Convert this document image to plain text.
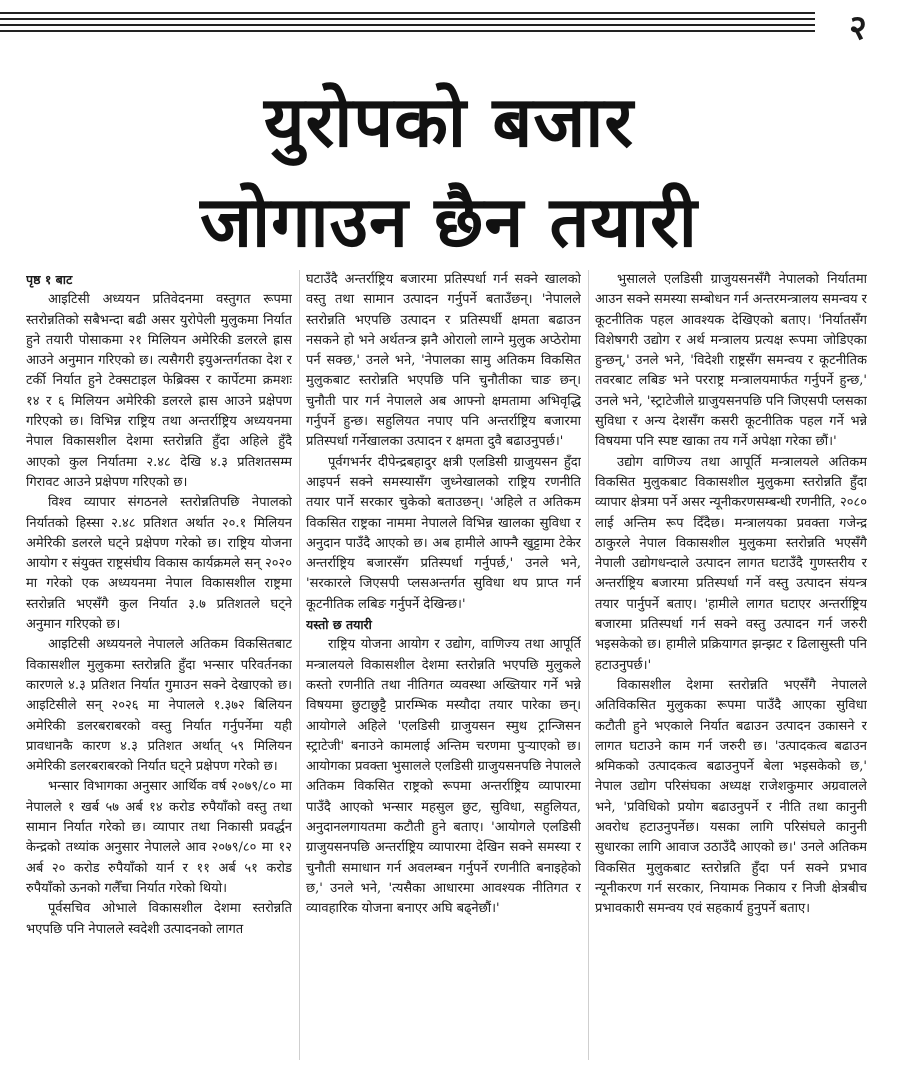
२
युरोपको बजार
जोगाउन छैन तयारी

पृष्ठ १ बाट

आइटिसी अध्ययन प्रतिवेदनमा वस्तुगत रूपमा स्तरोन्नतिको सबैभन्दा बढी असर युरोपेली मुलुकमा निर्यात हुने तयारी पोसाकमा २१ मिलियन अमेरिकी डलरले ह्रास आउने अनुमान गरिएको छ। त्यसैगरी इयुअन्तर्गतका देश र टर्की निर्यात हुने टेक्सटाइल फेब्रिक्स र कार्पेटमा क्रमशः १४ र ६ मिलियन अमेरिकी डलरले ह्रास आउने प्रक्षेपण गरिएको छ। विभिन्न राष्ट्रिय तथा अन्तर्राष्ट्रिय अध्ययनमा नेपाल विकासशील देशमा स्तरोन्नति हुँदा अहिले हुँदै आएको कुल निर्यातमा २.४८ देखि ४.३ प्रतिशतसम्म गिरावट आउने प्रक्षेपण गरिएको छ।

विश्व व्यापार संगठनले स्तरोन्नतिपछि नेपालको निर्यातको हिस्सा २.४८ प्रतिशत अर्थात २०.१ मिलियन अमेरिकी डलरले घट्ने प्रक्षेपण गरेको छ। राष्ट्रिय योजना आयोग र संयुक्त राष्ट्रसंघीय विकास कार्यक्रमले सन् २०२० मा गरेको एक अध्ययनमा नेपाल विकासशील राष्ट्रमा स्तरोन्नति भएसँगै कुल निर्यात ३.७ प्रतिशतले घट्ने अनुमान गरिएको छ।

आइटिसी अध्ययनले नेपालले अतिकम विकसितबाट विकासशील मुलुकमा स्तरोन्नति हुँदा भन्सार परिवर्तनका कारणले ४.३ प्रतिशत निर्यात गुमाउन सक्ने देखाएको छ। आइटिसीले सन् २०२६ मा नेपालले १.३७२ बिलियन अमेरिकी डलरबराबरको वस्तु निर्यात गर्नुपर्नेमा यही प्रावधानकै कारण ४.३ प्रतिशत अर्थात् ५९ मिलियन अमेरिकी डलरबराबरको निर्यात घट्ने प्रक्षेपण गरेको छ।

भन्सार विभागका अनुसार आर्थिक वर्ष २०७९/८० मा नेपालले १ खर्ब ५७ अर्ब १४ करोड रुपैयाँको वस्तु तथा सामान निर्यात गरेको छ। व्यापार तथा निकासी प्रवर्द्धन केन्द्रको तथ्यांक अनुसार नेपालले आव २०७९/८० मा १२ अर्ब २० करोड रुपैयाँको यार्न र ११ अर्ब ५१ करोड रुपैयाँको ऊनको गलैँचा निर्यात गरेको थियो।

पूर्वसचिव ओभाले विकासशील देशमा स्तरोन्नति भएपछि पनि नेपालले स्वदेशी उत्पादनको लागत

घटाउँदै अन्तर्राष्ट्रिय बजारमा प्रतिस्पर्धा गर्न सक्ने खालको वस्तु तथा सामान उत्पादन गर्नुपर्ने बताउँछन्। 'नेपालले स्तरोन्नति भएपछि उत्पादन र प्रतिस्पर्धी क्षमता बढाउन नसकने हो भने अर्थतन्त्र झनै ओरालो लाग्ने मुलुक अप्ठेरोमा पर्न सक्छ,' उनले भने, 'नेपालका सामु अतिकम विकसित मुलुकबाट स्तरोन्नति भएपछि पनि चुनौतीका चाङ छन्। चुनौती पार गर्न नेपालले अब आफ्नो क्षमतामा अभिवृद्धि गर्नुपर्ने हुन्छ। सहुलियत नपाए पनि अन्तर्राष्ट्रिय बजारमा प्रतिस्पर्धा गर्नेखालका उत्पादन र क्षमता दुवै बढाउनुपर्छ।'

पूर्वगभर्नर दीपेन्द्रबहादुर क्षत्री एलडिसी ग्राजुयसन हुँदा आइपर्न सक्ने समस्यासँग जुध्नेखालको राष्ट्रिय रणनीति तयार पार्ने सरकार चुकेको बताउछन्। 'अहिले त अतिकम विकसित राष्ट्रका नाममा नेपालले विभिन्न खालका सुविधा र अनुदान पाउँदै आएको छ। अब हामीले आफ्नै खुट्टामा टेकेर अन्तर्राष्ट्रिय बजारसँग प्रतिस्पर्धा गर्नुपर्छ,' उनले भने, 'सरकारले जिएसपी प्लसअन्तर्गत सुविधा थप प्राप्त गर्न कूटनीतिक लबिङ गर्नुपर्ने देखिन्छ।'

यस्तो छ तयारी

राष्ट्रिय योजना आयोग र उद्योग, वाणिज्य तथा आपूर्ति मन्त्रालयले विकासशील देशमा स्तरोन्नति भएपछि मुलुकले कस्तो रणनीति तथा नीतिगत व्यवस्था अख्तियार गर्ने भन्ने विषयमा छुटाछुट्टै प्रारम्भिक मस्यौदा तयार पारेका छन्। आयोगले अहिले 'एलडिसी ग्राजुयसन स्मुथ ट्रान्जिसन स्ट्राटेजी' बनाउने कामलाई अन्तिम चरणमा पुर्‍याएको छ। आयोगका प्रवक्ता भुसालले एलडिसी ग्राजुयसनपछि नेपालले अतिकम विकसित राष्ट्रको रूपमा अन्तर्राष्ट्रिय व्यापारमा पाउँदै आएको भन्सार महसुल छुट, सुविधा, सहुलियत, अनुदानलगायतमा कटौती हुने बताए। 'आयोगले एलडिसी ग्राजुयसनपछि अन्तर्राष्ट्रिय व्यापारमा देखिन सक्ने समस्या र चुनौती समाधान गर्न अवलम्बन गर्नुपर्ने रणनीति बनाइहेको छ,' उनले भने, 'त्यसैका आधारमा आवश्यक नीतिगत र व्यावहारिक योजना बनाएर अघि बढ्नेछौं।'

भुसालले एलडिसी ग्राजुयसनसँगै नेपालको निर्यातमा आउन सक्ने समस्या सम्बोधन गर्न अन्तरमन्त्रालय समन्वय र कूटनीतिक पहल आवश्यक देखिएको बताए। 'निर्यातसँग विशेषगरी उद्योग र अर्थ मन्त्रालय प्रत्यक्ष रूपमा जोडिएका हुन्छन्,' उनले भने, 'विदेशी राष्ट्रसँग समन्वय र कूटनीतिक तवरबाट लबिङ भने परराष्ट्र मन्त्रालयमार्फत गर्नुपर्ने हुन्छ,' उनले भने, 'स्ट्राटेजीले ग्राजुयसनपछि पनि जिएसपी प्लसका सुविधा र अन्य देशसँग कसरी कूटनीतिक पहल गर्ने भन्ने विषयमा पनि स्पष्ट खाका तय गर्ने अपेक्षा गरेका छौं।'

उद्योग वाणिज्य तथा आपूर्ति मन्त्रालयले अतिकम विकसित मुलुकबाट विकासशील मुलुकमा स्तरोन्नति हुँदा व्यापार क्षेत्रमा पर्ने असर न्यूनीकरणसम्बन्धी रणनीति, २०८० लाई अन्तिम रूप दिँदैछ। मन्त्रालयका प्रवक्ता गजेन्द्र ठाकुरले नेपाल विकासशील मुलुकमा स्तरोन्नति भएसँगै नेपाली उद्योगधन्दाले उत्पादन लागत घटाउँदै गुणस्तरीय र अन्तर्राष्ट्रिय बजारमा प्रतिस्पर्धा गर्ने वस्तु उत्पादन संयन्त्र तयार पार्नुपर्ने बताए। 'हामीले लागत घटाएर अन्तर्राष्ट्रिय बजारमा प्रतिस्पर्धा गर्न सक्ने वस्तु उत्पादन गर्न जरुरी भइसकेको छ। हामीले प्रक्रियागत झन्झट र ढिलासुस्ती पनि हटाउनुपर्छ।'

विकासशील देशमा स्तरोन्नति भएसँगै नेपालले अतिविकसित मुलुकका रूपमा पाउँदै आएका सुविधा कटौती हुने भएकाले निर्यात बढाउन उत्पादन उकासने र लागत घटाउने काम गर्न जरुरी छ। 'उत्पादकत्व बढाउन श्रमिकको उत्पादकत्व बढाउनुपर्ने बेला भइसकेको छ,' नेपाल उद्योग परिसंघका अध्यक्ष राजेशकुमार अग्रवालले भने, 'प्रविधिको प्रयोग बढाउनुपर्ने र नीति तथा कानुनी अवरोध हटाउनुपर्नेछ। यसका लागि परिसंघले कानुनी सुधारका लागि आवाज उठाउँदै आएको छ।' उनले अतिकम विकसित मुलुकबाट स्तरोन्नति हुँदा पर्न सक्ने प्रभाव न्यूनीकरण गर्न सरकार, नियामक निकाय र निजी क्षेत्रबीच प्रभावकारी समन्वय एवं सहकार्य हुनुपर्ने बताए।
